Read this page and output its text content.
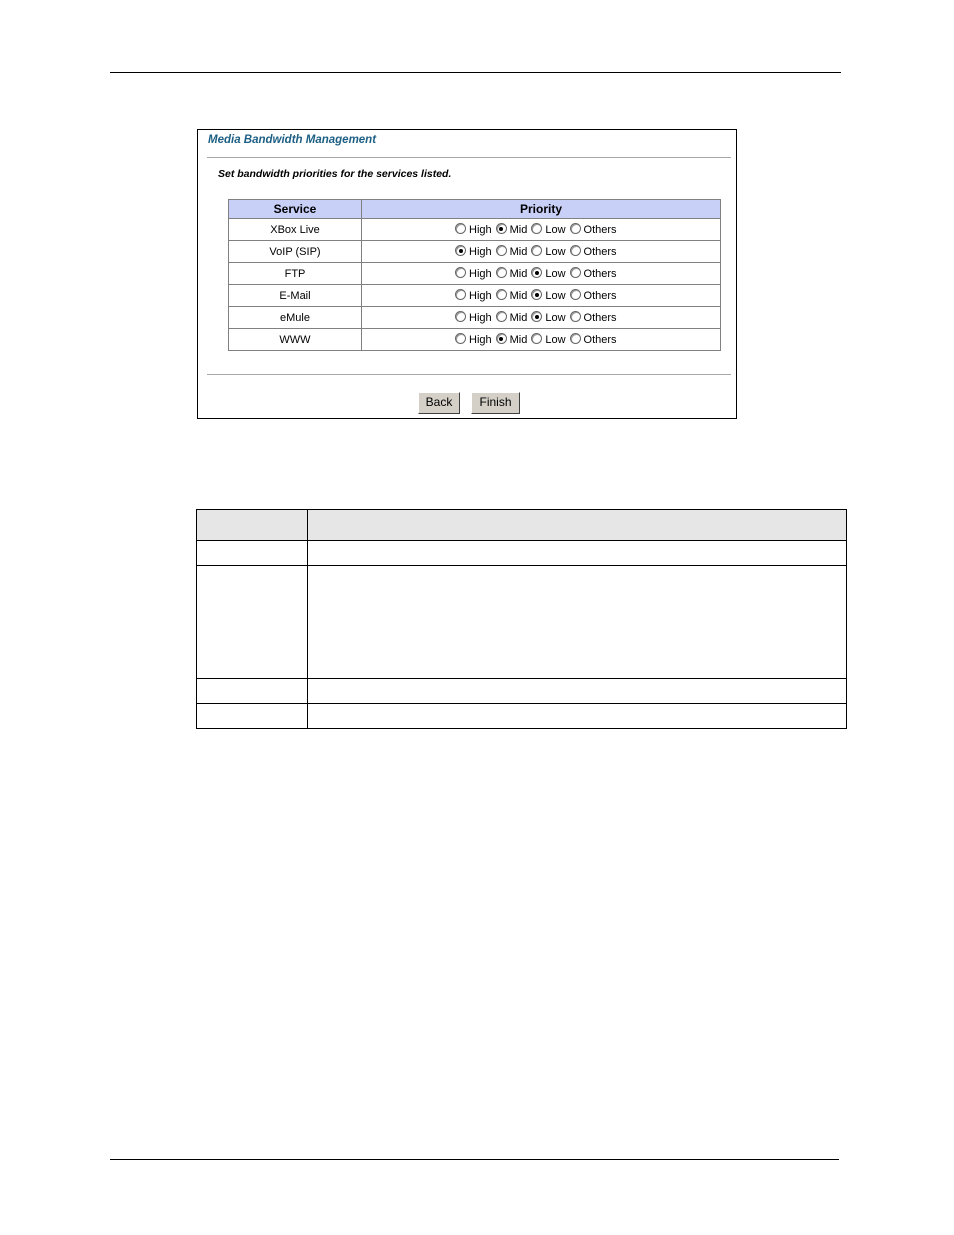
Media Bandwidth Management
Set bandwidth priorities for the services listed.
Service	Priority
XBox Live	High Mid Low Others
VoIP (SIP)	High Mid Low Others
FTP	High Mid Low Others
E-Mail	High Mid Low Others
eMule	High Mid Low Others
WWW	High Mid Low Others
Back	Finish
